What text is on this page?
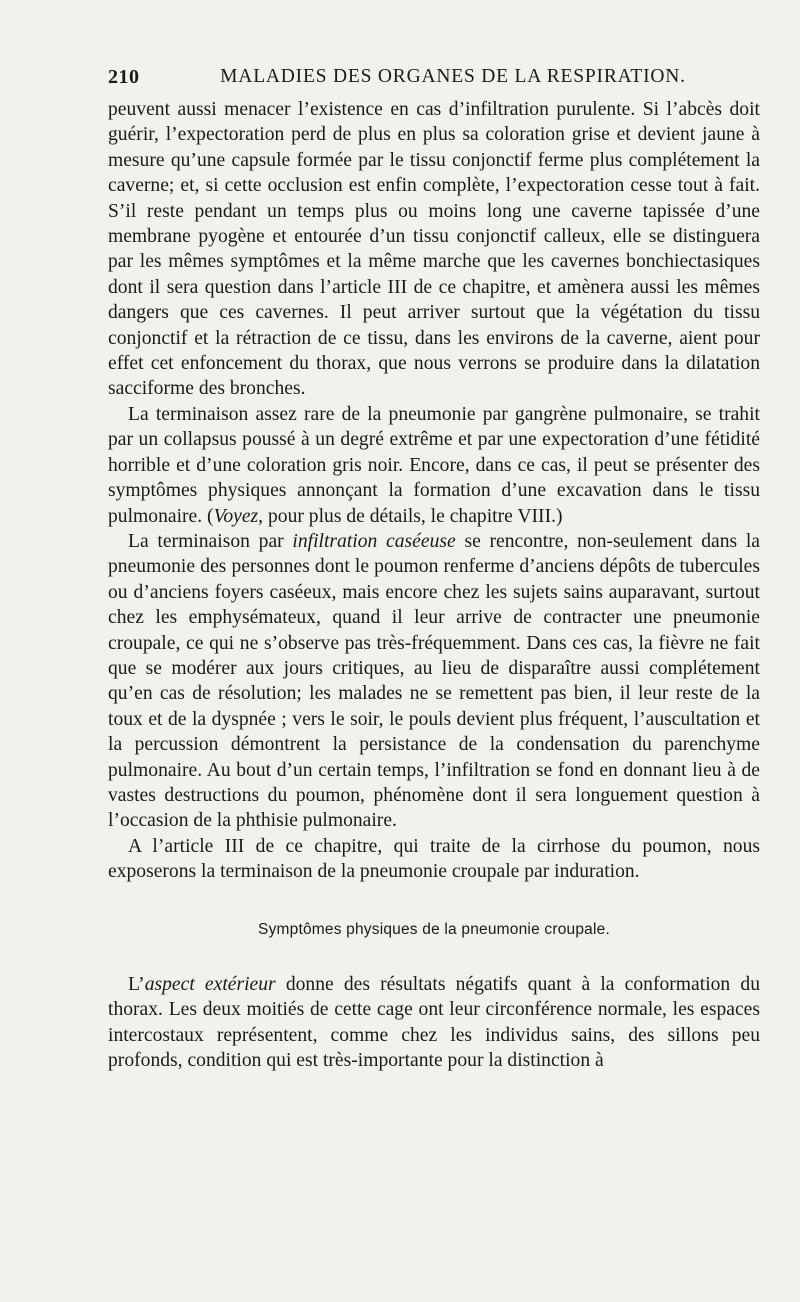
210	MALADIES DES ORGANES DE LA RESPIRATION.

peuvent aussi menacer l’existence en cas d’infiltration purulente. Si l’abcès doit guérir, l’expectoration perd de plus en plus sa coloration grise et devient jaune à mesure qu’une capsule formée par le tissu conjonctif ferme plus complétement la caverne; et, si cette occlusion est enfin complète, l’expectoration cesse tout à fait. S’il reste pendant un temps plus ou moins long une caverne tapissée d’une membrane pyogène et entourée d’un tissu conjonctif calleux, elle se distinguera par les mêmes symptômes et la même marche que les cavernes bonchiectasiques dont il sera question dans l’article III de ce chapitre, et amènera aussi les mêmes dangers que ces cavernes. Il peut arriver surtout que la végétation du tissu conjonctif et la rétraction de ce tissu, dans les environs de la caverne, aient pour effet cet enfoncement du thorax, que nous verrons se produire dans la dilatation sacciforme des bronches.

La terminaison assez rare de la pneumonie par gangrène pulmonaire, se trahit par un collapsus poussé à un degré extrême et par une expectoration d’une fétidité horrible et d’une coloration gris noir. Encore, dans ce cas, il peut se présenter des symptômes physiques annonçant la formation d’une excavation dans le tissu pulmonaire. (Voyez, pour plus de détails, le chapitre VIII.)

La terminaison par infiltration caséeuse se rencontre, non-seulement dans la pneumonie des personnes dont le poumon renferme d’anciens dépôts de tubercules ou d’anciens foyers caséeux, mais encore chez les sujets sains auparavant, surtout chez les emphysémateux, quand il leur arrive de contracter une pneumonie croupale, ce qui ne s’observe pas très-fréquemment. Dans ces cas, la fièvre ne fait que se modérer aux jours critiques, au lieu de disparaître aussi complétement qu’en cas de résolution; les malades ne se remettent pas bien, il leur reste de la toux et de la dyspnée ; vers le soir, le pouls devient plus fréquent, l’auscultation et la percussion démontrent la persistance de la condensation du parenchyme pulmonaire. Au bout d’un certain temps, l’infiltration se fond en donnant lieu à de vastes destructions du poumon, phénomène dont il sera longuement question à l’occasion de la phthisie pulmonaire.

A l’article III de ce chapitre, qui traite de la cirrhose du poumon, nous exposerons la terminaison de la pneumonie croupale par induration.

Symptômes physiques de la pneumonie croupale.

L’aspect extérieur donne des résultats négatifs quant à la conformation du thorax. Les deux moitiés de cette cage ont leur circonférence normale, les espaces intercostaux représentent, comme chez les individus sains, des sillons peu profonds, condition qui est très-importante pour la distinction à
